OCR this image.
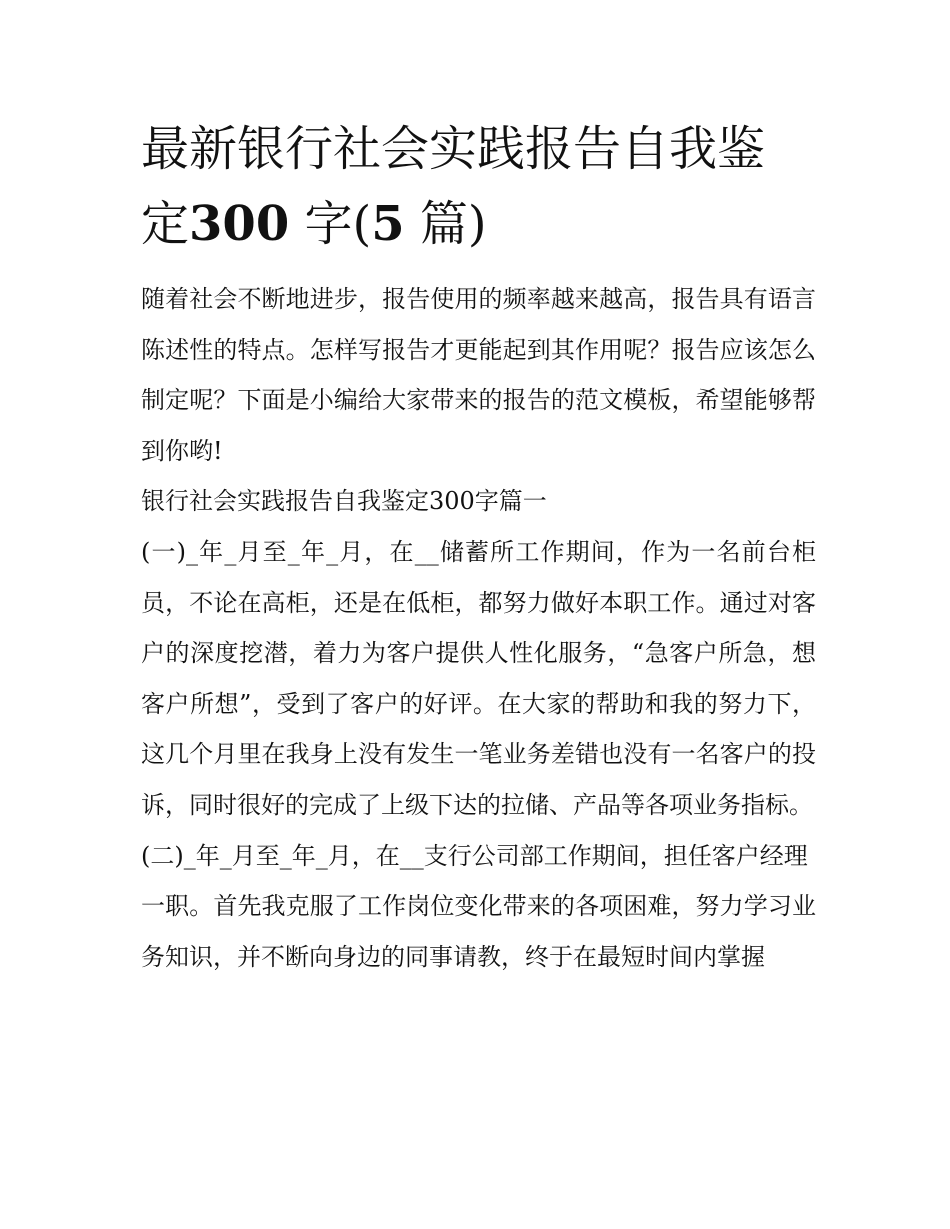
最新银行社会实践报告自我鉴
定300 字(5 篇)

随着社会不断地进步，报告使用的频率越来越高，报告具有语言陈述性的特点。怎样写报告才更能起到其作用呢？报告应该怎么制定呢？下面是小编给大家带来的报告的范文模板，希望能够帮到你哟!

银行社会实践报告自我鉴定300字篇一

(一)_年_月至_年_月，在__储蓄所工作期间，作为一名前台柜员，不论在高柜，还是在低柜，都努力做好本职工作。通过对客户的深度挖潜，着力为客户提供人性化服务，“急客户所急，想客户所想”，受到了客户的好评。在大家的帮助和我的努力下，这几个月里在我身上没有发生一笔业务差错也没有一名客户的投诉，同时很好的完成了上级下达的拉储、产品等各项业务指标。

(二)_年_月至_年_月，在__支行公司部工作期间，担任客户经理

一职。首先我克服了工作岗位变化带来的各项困难，努力学习业务知识，并不断向身边的同事请教，终于在最短时间内掌握
